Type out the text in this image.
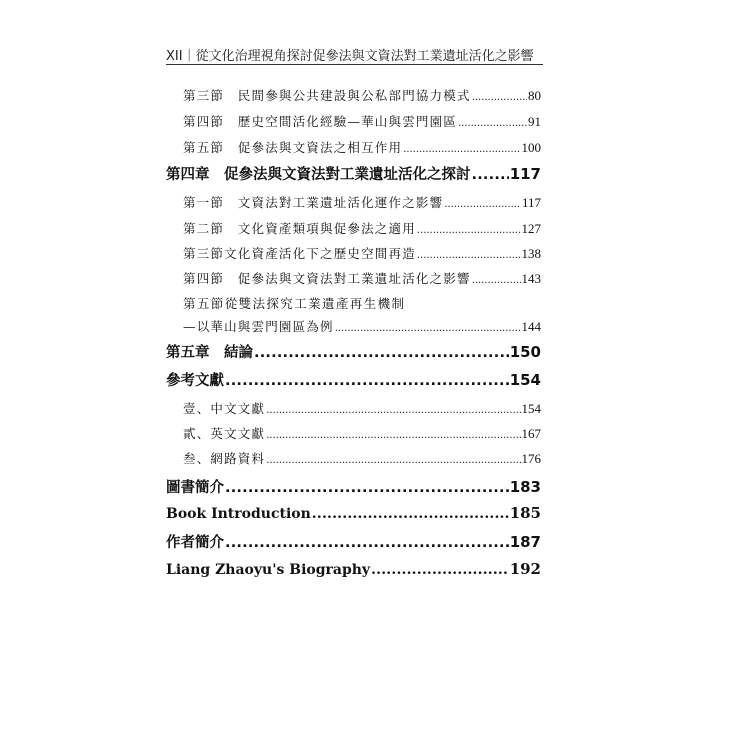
XII｜從文化治理視角探討促參法與文資法對工業遺址活化之影響
第三節　民間參與公共建設與公私部門協力模式 . . .	80
第四節　歷史空間活化經驗—華山與雲門園區 . . .	91
第五節　促參法與文資法之相互作用 . . .	100
第四章　促參法與文資法對工業遺址活化之探討 .....	117
第一節　文資法對工業遺址活化運作之影響 . . .	117
第二節　文化資產類項與促參法之適用 . . .	127
第三節文化資產活化下之歷史空間再造 . . .	138
第四節　促參法與文資法對工業遺址活化之影響 . . .	143
第五節從雙法探究工業遺產再生機制
—以華山與雲門園區為例 . . .	144
第五章　結論 .....	150
參考文獻 .....	154
壹、中文文獻 . . .	154
貳、英文文獻 . . .	167
叁、網路資料 . . .	176
圖書簡介 .....	183
Book Introduction .....	185
作者簡介 .....	187
Liang Zhaoyu's Biography .....	192
